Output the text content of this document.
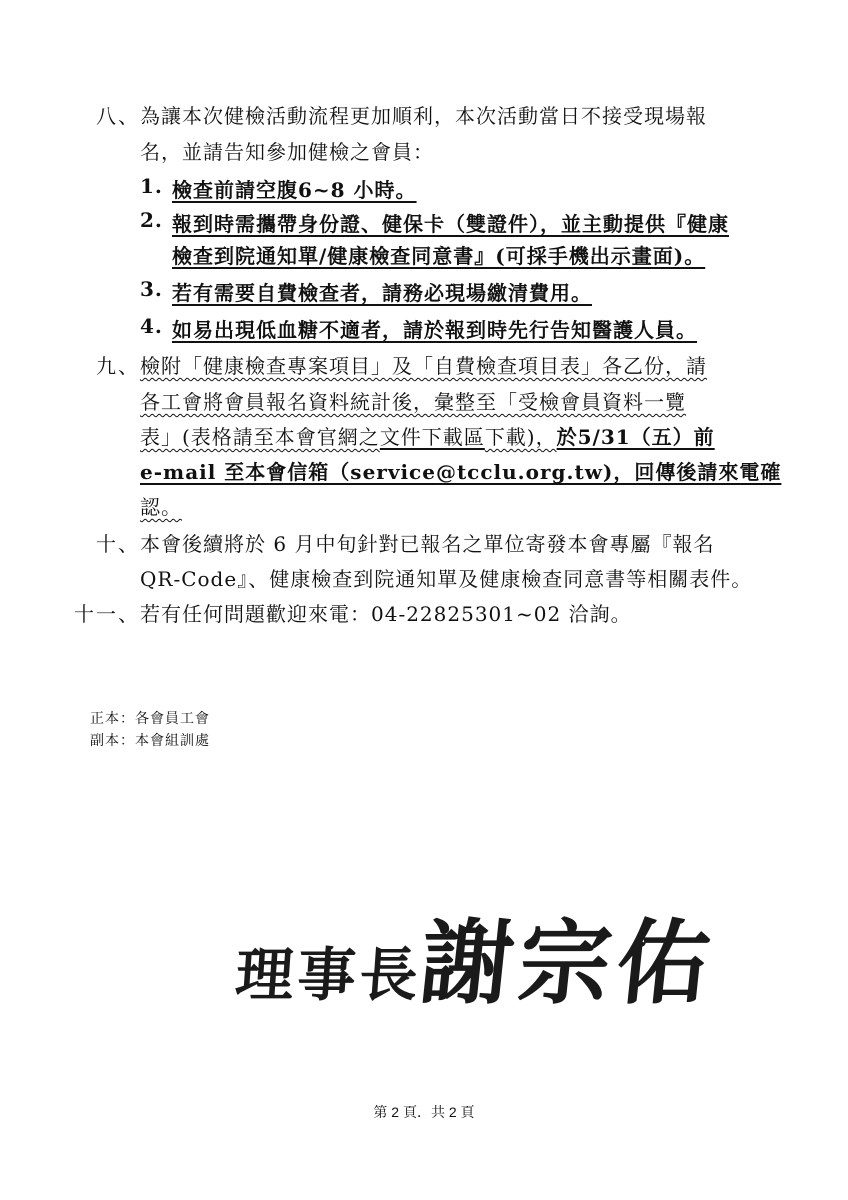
八、 為讓本次健檢活動流程更加順利，本次活動當日不接受現場報
名，並請告知參加健檢之會員：
1. 檢查前請空腹6~8 小時。
2. 報到時需攜帶身份證、健保卡（雙證件），並主動提供『健康
檢查到院通知單/健康檢查同意書』(可採手機出示畫面)。
3. 若有需要自費檢查者，請務必現場繳清費用。
4. 如易出現低血糖不適者，請於報到時先行告知醫護人員。
九、 檢附「健康檢查專案項目」及「自費檢查項目表」各乙份，請
各工會將會員報名資料統計後，彙整至「受檢會員資料一覽
表」(表格請至本會官網之文件下載區下載)，於5/31（五）前
e-mail 至本會信箱（service@tcclu.org.tw)，回傳後請來電確
認。
十、 本會後續將於 6 月中旬針對已報名之單位寄發本會專屬『報名
QR-Code』、健康檢查到院通知單及健康檢查同意書等相關表件。
十一、 若有任何問題歡迎來電：04-22825301~02 洽詢。
正本：各會員工會
副本：本會組訓處
理事長謝宗佑
第 2 頁．共 2 頁
